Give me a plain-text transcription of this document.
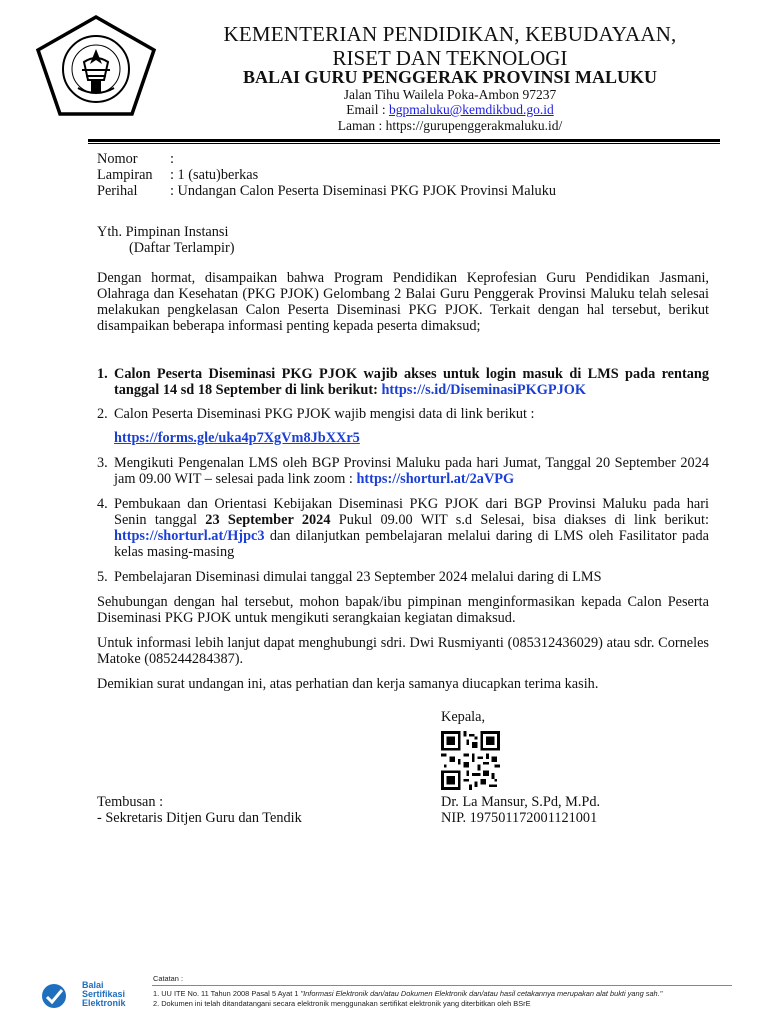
KEMENTERIAN PENDIDIKAN, KEBUDAYAAN,
RISET DAN TEKNOLOGI
BALAI GURU PENGGERAK PROVINSI MALUKU
Jalan Tihu Wailela Poka-Ambon 97237
Email : bgpmaluku@kemdikbud.go.id
Laman : https://gurupenggerakmaluku.id/
Nomor	:
Lampiran	: 1 (satu)berkas
Perihal	: Undangan Calon Peserta Diseminasi PKG PJOK Provinsi Maluku
Yth. Pimpinan Instansi
(Daftar Terlampir)
Dengan hormat, disampaikan bahwa Program Pendidikan Keprofesian Guru Pendidikan Jasmani, Olahraga dan Kesehatan (PKG PJOK) Gelombang 2 Balai Guru Penggerak Provinsi Maluku telah selesai melakukan pengkelasan Calon Peserta Diseminasi PKG PJOK. Terkait dengan hal tersebut, berikut disampaikan beberapa informasi penting kepada peserta dimaksud;
1. Calon Peserta Diseminasi PKG PJOK wajib akses untuk login masuk di LMS pada rentang tanggal 14 sd 18 September di link berikut: https://s.id/DiseminasiPKGPJOK
2. Calon Peserta Diseminasi PKG PJOK wajib mengisi data di link berikut :
https://forms.gle/uka4p7XgVm8JbXXr5
3. Mengikuti Pengenalan LMS oleh BGP Provinsi Maluku pada hari Jumat, Tanggal 20 September 2024 jam 09.00 WIT – selesai pada link zoom : https://shorturl.at/2aVPG
4. Pembukaan dan Orientasi Kebijakan Diseminasi PKG PJOK dari BGP Provinsi Maluku pada hari Senin tanggal 23 September 2024 Pukul 09.00 WIT s.d Selesai, bisa diakses di link berikut: https://shorturl.at/Hjpc3 dan dilanjutkan pembelajaran melalui daring di LMS oleh Fasilitator pada kelas masing-masing
5. Pembelajaran Diseminasi dimulai tanggal 23 September 2024 melalui daring di LMS
Sehubungan dengan hal tersebut, mohon bapak/ibu pimpinan menginformasikan kepada Calon Peserta Diseminasi PKG PJOK untuk mengikuti serangkaian kegiatan dimaksud.
Untuk informasi lebih lanjut dapat menghubungi sdri. Dwi Rusmiyanti (085312436029) atau sdr. Corneles Matoke (085244284387).
Demikian surat undangan ini, atas perhatian dan kerja samanya diucapkan terima kasih.
Kepala,
Dr. La Mansur, S.Pd, M.Pd.
NIP. 197501172001121001
Tembusan :
- Sekretaris Ditjen Guru dan Tendik
Balai
Sertifikasi
Elektronik
Catatan :
1. UU ITE No. 11 Tahun 2008 Pasal 5 Ayat 1 "Informasi Elektronik dan/atau Dokumen Elektronik dan/atau hasil cetakannya merupakan alat bukti yang sah."
2. Dokumen ini telah ditandatangani secara elektronik menggunakan sertifikat elektronik yang diterbitkan oleh BSrE
